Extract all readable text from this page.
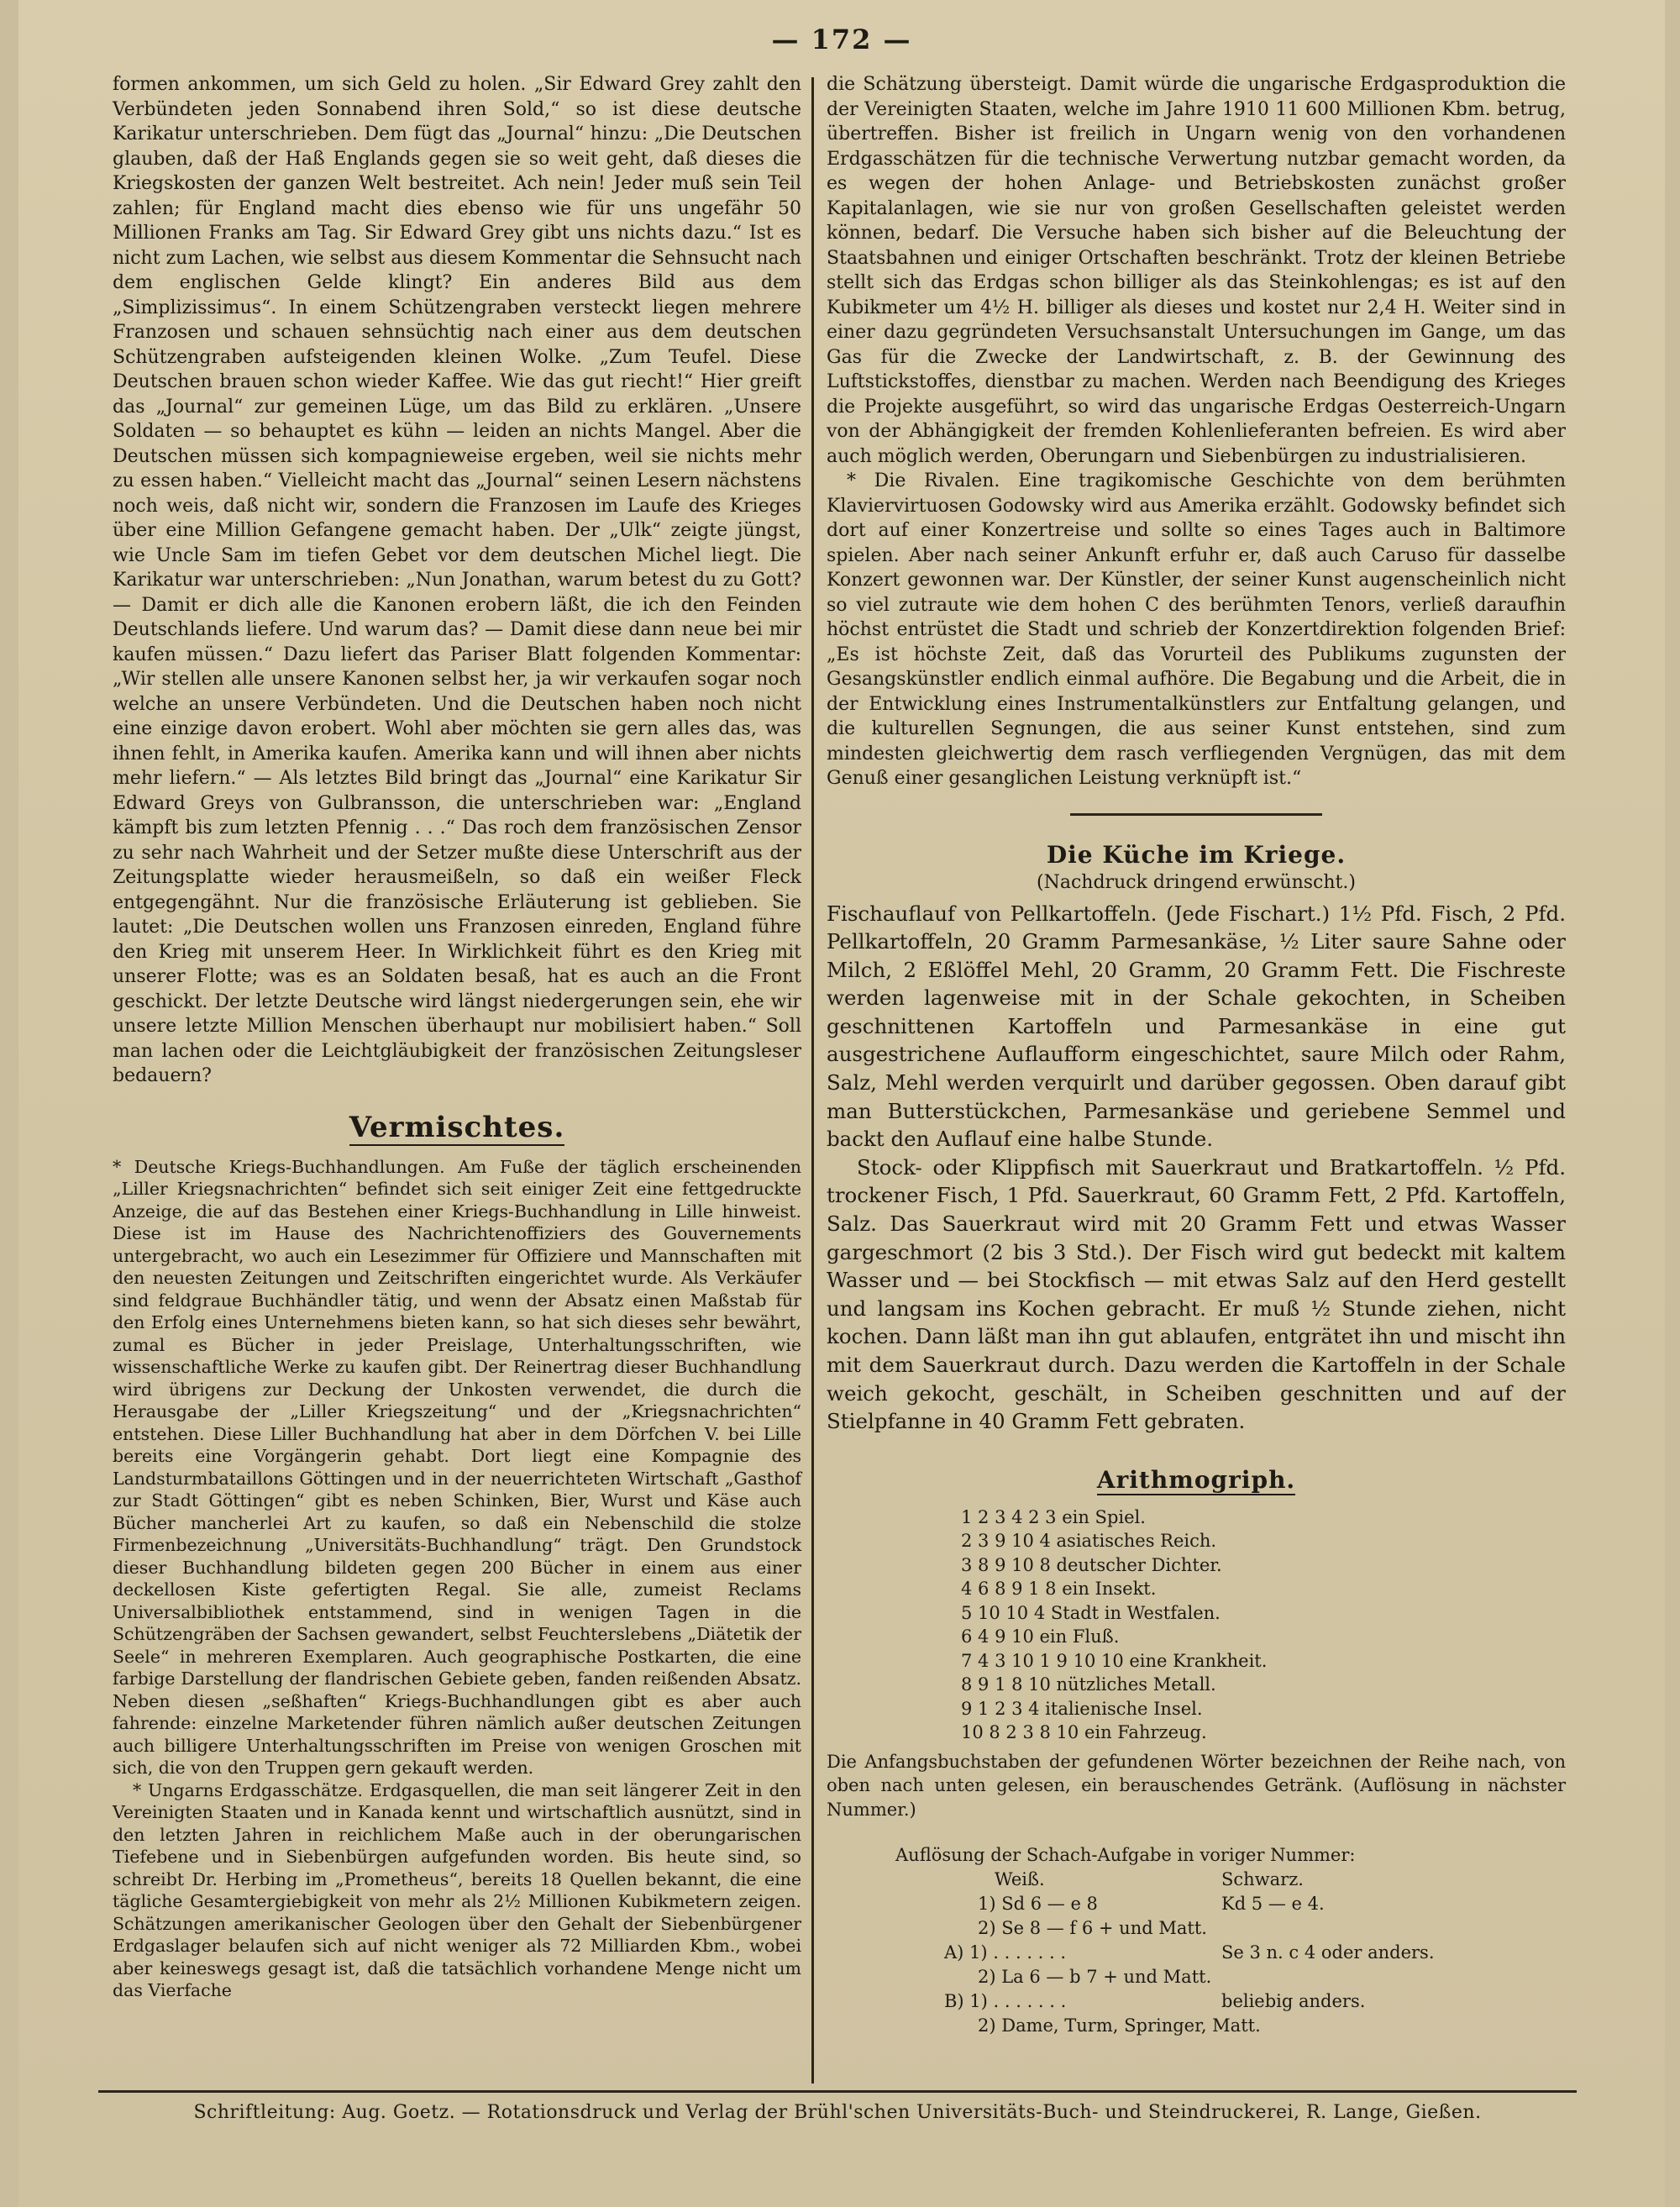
— 172 —

formen ankommen, um sich Geld zu holen. „Sir Edward Grey zahlt den Verbündeten jeden Sonnabend ihren Sold,“ so ist diese deutsche Karikatur unterschrieben. Dem fügt das „Journal“ hinzu: „Die Deutschen glauben, daß der Haß Englands gegen sie so weit geht, daß dieses die Kriegskosten der ganzen Welt bestreitet. Ach nein! Jeder muß sein Teil zahlen; für England macht dies ebenso wie für uns ungefähr 50 Millionen Franks am Tag. Sir Edward Grey gibt uns nichts dazu.“ Ist es nicht zum Lachen, wie selbst aus diesem Kommentar die Sehnsucht nach dem englischen Gelde klingt? Ein anderes Bild aus dem „Simplizissimus“. In einem Schützengraben versteckt liegen mehrere Franzosen und schauen sehnsüchtig nach einer aus dem deutschen Schützengraben aufsteigenden kleinen Wolke. „Zum Teufel. Diese Deutschen brauen schon wieder Kaffee. Wie das gut riecht!“ Hier greift das „Journal“ zur gemeinen Lüge, um das Bild zu erklären. „Unsere Soldaten — so behauptet es kühn — leiden an nichts Mangel. Aber die Deutschen müssen sich kompagnieweise ergeben, weil sie nichts mehr zu essen haben.“ Vielleicht macht das „Journal“ seinen Lesern nächstens noch weis, daß nicht wir, sondern die Franzosen im Laufe des Krieges über eine Million Gefangene gemacht haben. Der „Ulk“ zeigte jüngst, wie Uncle Sam im tiefen Gebet vor dem deutschen Michel liegt. Die Karikatur war unterschrieben: „Nun Jonathan, warum betest du zu Gott? — Damit er dich alle die Kanonen erobern läßt, die ich den Feinden Deutschlands liefere. Und warum das? — Damit diese dann neue bei mir kaufen müssen.“ Dazu liefert das Pariser Blatt folgenden Kommentar: „Wir stellen alle unsere Kanonen selbst her, ja wir verkaufen sogar noch welche an unsere Verbündeten. Und die Deutschen haben noch nicht eine einzige davon erobert. Wohl aber möchten sie gern alles das, was ihnen fehlt, in Amerika kaufen. Amerika kann und will ihnen aber nichts mehr liefern.“ — Als letztes Bild bringt das „Journal“ eine Karikatur Sir Edward Greys von Gulbransson, die unterschrieben war: „England kämpft bis zum letzten Pfennig . . .“ Das roch dem französischen Zensor zu sehr nach Wahrheit und der Setzer mußte diese Unterschrift aus der Zeitungsplatte wieder herausmeißeln, so daß ein weißer Fleck entgegengähnt. Nur die französische Erläuterung ist geblieben. Sie lautet: „Die Deutschen wollen uns Franzosen einreden, England führe den Krieg mit unserem Heer. In Wirklichkeit führt es den Krieg mit unserer Flotte; was es an Soldaten besaß, hat es auch an die Front geschickt. Der letzte Deutsche wird längst niedergerungen sein, ehe wir unsere letzte Million Menschen überhaupt nur mobilisiert haben.“ Soll man lachen oder die Leichtgläubigkeit der französischen Zeitungsleser bedauern?

Vermischtes.

* Deutsche Kriegs-Buchhandlungen. Am Fuße der täglich erscheinenden „Liller Kriegsnachrichten“ befindet sich seit einiger Zeit eine fettgedruckte Anzeige, die auf das Bestehen einer Kriegs-Buchhandlung in Lille hinweist. Diese ist im Hause des Nachrichtenoffiziers des Gouvernements untergebracht, wo auch ein Lesezimmer für Offiziere und Mannschaften mit den neuesten Zeitungen und Zeitschriften eingerichtet wurde. Als Verkäufer sind feldgraue Buchhändler tätig, und wenn der Absatz einen Maßstab für den Erfolg eines Unternehmens bieten kann, so hat sich dieses sehr bewährt, zumal es Bücher in jeder Preislage, Unterhaltungsschriften, wie wissenschaftliche Werke zu kaufen gibt. Der Reinertrag dieser Buchhandlung wird übrigens zur Deckung der Unkosten verwendet, die durch die Herausgabe der „Liller Kriegszeitung“ und der „Kriegsnachrichten“ entstehen. Diese Liller Buchhandlung hat aber in dem Dörfchen V. bei Lille bereits eine Vorgängerin gehabt. Dort liegt eine Kompagnie des Landsturmbataillons Göttingen und in der neuerrichteten Wirtschaft „Gasthof zur Stadt Göttingen“ gibt es neben Schinken, Bier, Wurst und Käse auch Bücher mancherlei Art zu kaufen, so daß ein Nebenschild die stolze Firmenbezeichnung „Universitäts-Buchhandlung“ trägt. Den Grundstock dieser Buchhandlung bildeten gegen 200 Bücher in einem aus einer deckellosen Kiste gefertigten Regal. Sie alle, zumeist Reclams Universalbibliothek entstammend, sind in wenigen Tagen in die Schützengräben der Sachsen gewandert, selbst Feuchterslebens „Diätetik der Seele“ in mehreren Exemplaren. Auch geographische Postkarten, die eine farbige Darstellung der flandrischen Gebiete geben, fanden reißenden Absatz. Neben diesen „seßhaften“ Kriegs-Buchhandlungen gibt es aber auch fahrende: einzelne Marketender führen nämlich außer deutschen Zeitungen auch billigere Unterhaltungsschriften im Preise von wenigen Groschen mit sich, die von den Truppen gern gekauft werden.

* Ungarns Erdgasschätze. Erdgasquellen, die man seit längerer Zeit in den Vereinigten Staaten und in Kanada kennt und wirtschaftlich ausnützt, sind in den letzten Jahren in reichlichem Maße auch in der oberungarischen Tiefebene und in Siebenbürgen aufgefunden worden. Bis heute sind, so schreibt Dr. Herbing im „Prometheus“, bereits 18 Quellen bekannt, die eine tägliche Gesamtergiebigkeit von mehr als 2½ Millionen Kubikmetern zeigen. Schätzungen amerikanischer Geologen über den Gehalt der Siebenbürgener Erdgaslager belaufen sich auf nicht weniger als 72 Milliarden Kbm., wobei aber keineswegs gesagt ist, daß die tatsächlich vorhandene Menge nicht um das Vierfache

die Schätzung übersteigt. Damit würde die ungarische Erdgasproduktion die der Vereinigten Staaten, welche im Jahre 1910 11 600 Millionen Kbm. betrug, übertreffen. Bisher ist freilich in Ungarn wenig von den vorhandenen Erdgasschätzen für die technische Verwertung nutzbar gemacht worden, da es wegen der hohen Anlage- und Betriebskosten zunächst großer Kapitalanlagen, wie sie nur von großen Gesellschaften geleistet werden können, bedarf. Die Versuche haben sich bisher auf die Beleuchtung der Staatsbahnen und einiger Ortschaften beschränkt. Trotz der kleinen Betriebe stellt sich das Erdgas schon billiger als das Steinkohlengas; es ist auf den Kubikmeter um 4½ H. billiger als dieses und kostet nur 2,4 H. Weiter sind in einer dazu gegründeten Versuchsanstalt Untersuchungen im Gange, um das Gas für die Zwecke der Landwirtschaft, z. B. der Gewinnung des Luftstickstoffes, dienstbar zu machen. Werden nach Beendigung des Krieges die Projekte ausgeführt, so wird das ungarische Erdgas Oesterreich-Ungarn von der Abhängigkeit der fremden Kohlenlieferanten befreien. Es wird aber auch möglich werden, Oberungarn und Siebenbürgen zu industrialisieren.

* Die Rivalen. Eine tragikomische Geschichte von dem berühmten Klaviervirtuosen Godowsky wird aus Amerika erzählt. Godowsky befindet sich dort auf einer Konzertreise und sollte so eines Tages auch in Baltimore spielen. Aber nach seiner Ankunft erfuhr er, daß auch Caruso für dasselbe Konzert gewonnen war. Der Künstler, der seiner Kunst augenscheinlich nicht so viel zutraute wie dem hohen C des berühmten Tenors, verließ daraufhin höchst entrüstet die Stadt und schrieb der Konzertdirektion folgenden Brief: „Es ist höchste Zeit, daß das Vorurteil des Publikums zugunsten der Gesangskünstler endlich einmal aufhöre. Die Begabung und die Arbeit, die in der Entwicklung eines Instrumentalkünstlers zur Entfaltung gelangen, und die kulturellen Segnungen, die aus seiner Kunst entstehen, sind zum mindesten gleichwertig dem rasch verfliegenden Vergnügen, das mit dem Genuß einer gesanglichen Leistung verknüpft ist.“

Die Küche im Kriege.
(Nachdruck dringend erwünscht.)

Fischauflauf von Pellkartoffeln. (Jede Fischart.) 1½ Pfd. Fisch, 2 Pfd. Pellkartoffeln, 20 Gramm Parmesankäse, ½ Liter saure Sahne oder Milch, 2 Eßlöffel Mehl, 20 Gramm, 20 Gramm Fett. Die Fischreste werden lagenweise mit in der Schale gekochten, in Scheiben geschnittenen Kartoffeln und Parmesankäse in eine gut ausgestrichene Auflaufform eingeschichtet, saure Milch oder Rahm, Salz, Mehl werden verquirlt und darüber gegossen. Oben darauf gibt man Butterstückchen, Parmesankäse und geriebene Semmel und backt den Auflauf eine halbe Stunde.

Stock- oder Klippfisch mit Sauerkraut und Bratkartoffeln. ½ Pfd. trockener Fisch, 1 Pfd. Sauerkraut, 60 Gramm Fett, 2 Pfd. Kartoffeln, Salz. Das Sauerkraut wird mit 20 Gramm Fett und etwas Wasser gargeschmort (2 bis 3 Std.). Der Fisch wird gut bedeckt mit kaltem Wasser und — bei Stockfisch — mit etwas Salz auf den Herd gestellt und langsam ins Kochen gebracht. Er muß ½ Stunde ziehen, nicht kochen. Dann läßt man ihn gut ablaufen, entgrätet ihn und mischt ihn mit dem Sauerkraut durch. Dazu werden die Kartoffeln in der Schale weich gekocht, geschält, in Scheiben geschnitten und auf der Stielpfanne in 40 Gramm Fett gebraten.

Arithmogriph.
1 2 3 4 2 3 ein Spiel.
2 3 9 10 4 asiatisches Reich.
3 8 9 10 8 deutscher Dichter.
4 6 8 9 1 8 ein Insekt.
5 10 10 4 Stadt in Westfalen.
6 4 9 10 ein Fluß.
7 4 3 10 1 9 10 10 eine Krankheit.
8 9 1 8 10 nützliches Metall.
9 1 2 3 4 italienische Insel.
10 8 2 3 8 10 ein Fahrzeug.
Die Anfangsbuchstaben der gefundenen Wörter bezeichnen der Reihe nach, von oben nach unten gelesen, ein berauschendes Getränk. (Auflösung in nächster Nummer.)
Auflösung der Schach-Aufgabe in voriger Nummer:
Weiß.	Schwarz.
1) Sd 6 — e 8	Kd 5 — e 4.
2) Se 8 — f 6 + und Matt.
A) 1) . . . . . . .	Se 3 n. c 4 oder anders.
2) La 6 — b 7 + und Matt.
B) 1) . . . . . . .	beliebig anders.
2) Dame, Turm, Springer, Matt.
Schriftleitung: Aug. Goetz. — Rotationsdruck und Verlag der Brühl'schen Universitäts-Buch- und Steindruckerei, R. Lange, Gießen.
